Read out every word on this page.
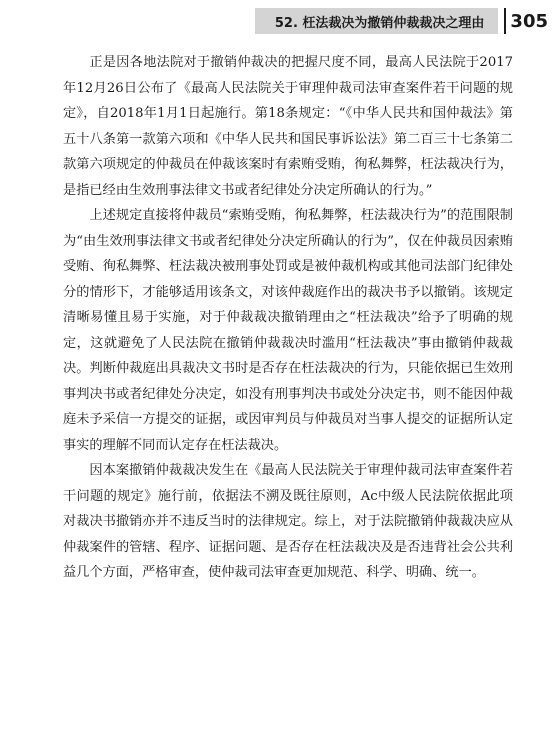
52. 枉法裁决为撤销仲裁裁决之理由	305

正是因各地法院对于撤销仲裁决的把握尺度不同，最高人民法院于2017年12月26日公布了《最高人民法院关于审理仲裁司法审查案件若干问题的规定》，自2018年1月1日起施行。第18条规定：“《中华人民共和国仲裁法》第五十八条第一款第六项和《中华人民共和国民事诉讼法》第二百三十七条第二款第六项规定的仲裁员在仲裁该案时有索贿受贿，徇私舞弊，枉法裁决行为，是指已经由生效刑事法律文书或者纪律处分决定所确认的行为。”

上述规定直接将仲裁员“索贿受贿，徇私舞弊，枉法裁决行为”的范围限制为“由生效刑事法律文书或者纪律处分决定所确认的行为”，仅在仲裁员因索贿受贿、徇私舞弊、枉法裁决被刑事处罚或是被仲裁机构或其他司法部门纪律处分的情形下，才能够适用该条文，对该仲裁庭作出的裁决书予以撤销。该规定清晰易懂且易于实施，对于仲裁裁决撤销理由之“枉法裁决”给予了明确的规定，这就避免了人民法院在撤销仲裁裁决时滥用“枉法裁决”事由撤销仲裁裁决。判断仲裁庭出具裁决文书时是否存在枉法裁决的行为，只能依据已生效刑事判决书或者纪律处分决定，如没有刑事判决书或处分决定书，则不能因仲裁庭未予采信一方提交的证据，或因审判员与仲裁员对当事人提交的证据所认定事实的理解不同而认定存在枉法裁决。

因本案撤销仲裁裁决发生在《最高人民法院关于审理仲裁司法审查案件若干问题的规定》施行前，依据法不溯及既往原则，Ac中级人民法院依据此项对裁决书撤销亦并不违反当时的法律规定。综上，对于法院撤销仲裁裁决应从仲裁案件的管辖、程序、证据问题、是否存在枉法裁决及是否违背社会公共利益几个方面，严格审查，使仲裁司法审查更加规范、科学、明确、统一。
